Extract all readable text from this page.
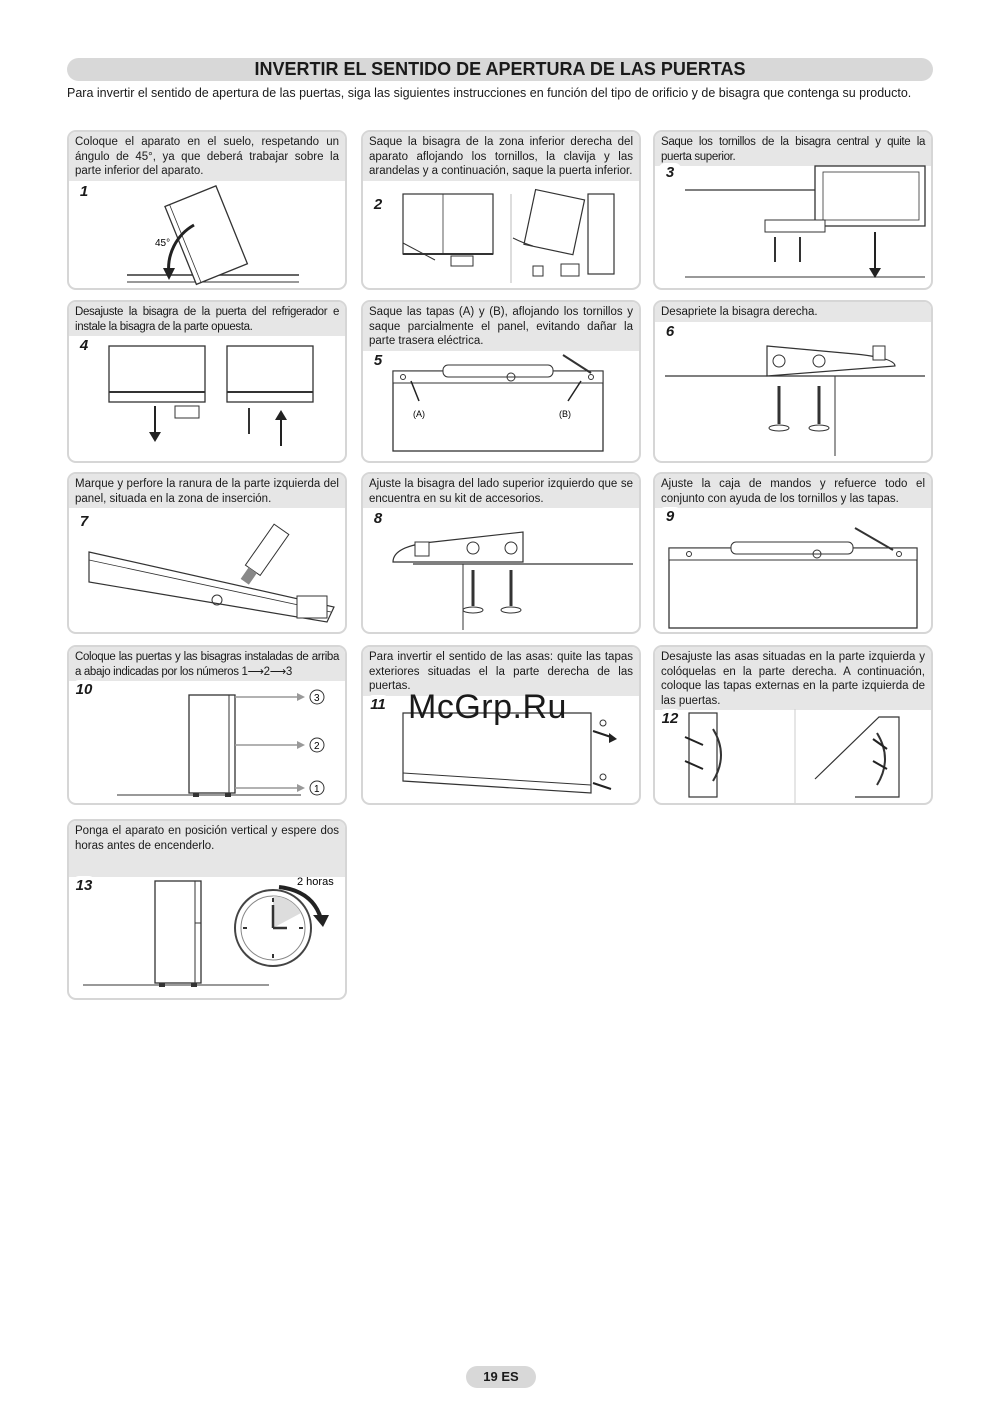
INVERTIR EL SENTIDO DE APERTURA DE LAS PUERTAS
Para invertir el sentido de apertura de las puertas, siga las siguientes instrucciones en función del tipo de orificio y de bisagra que contenga su producto.
Coloque el aparato en el suelo, respetando un ángulo de 45°, ya que deberá trabajar sobre la parte inferior del aparato.
1
45°
Saque la bisagra de la zona inferior derecha del aparato aflojando los tornillos, la clavija y las arandelas y a continuación, saque la puerta inferior.
2
Saque los tornillos de la bisagra central y quite la puerta superior.
3
Desajuste la bisagra de la puerta del refrigerador e instale la bisagra de la parte opuesta.
4
Saque las tapas (A) y (B), aflojando los tornillos y saque parcialmente el panel, evitando dañar la parte trasera eléctrica.
5
(A)	(B)
Desapriete la bisagra derecha.
6
Marque y perfore la ranura de la parte izquierda del panel, situada en la zona de inserción.
7
Ajuste la bisagra del lado superior izquierdo que se encuentra en su kit de accesorios.
8
Ajuste la caja de mandos y refuerce todo el conjunto con ayuda de los tornillos y las tapas.
9
Coloque las puertas y las bisagras instaladas de arriba a abajo indicadas por los números 1⟶2⟶3
10
3
2
1
Para invertir el sentido de las asas: quite las tapas exteriores situadas el la parte derecha de las puertas.
11
Desajuste las asas situadas en la parte izquierda y colóquelas en la parte derecha. A continuación, coloque las tapas externas en la parte izquierda de las puertas.
12
Ponga el aparato en posición vertical y espere dos horas antes de encenderlo.
13	2 horas
McGrp.Ru
19 ES
